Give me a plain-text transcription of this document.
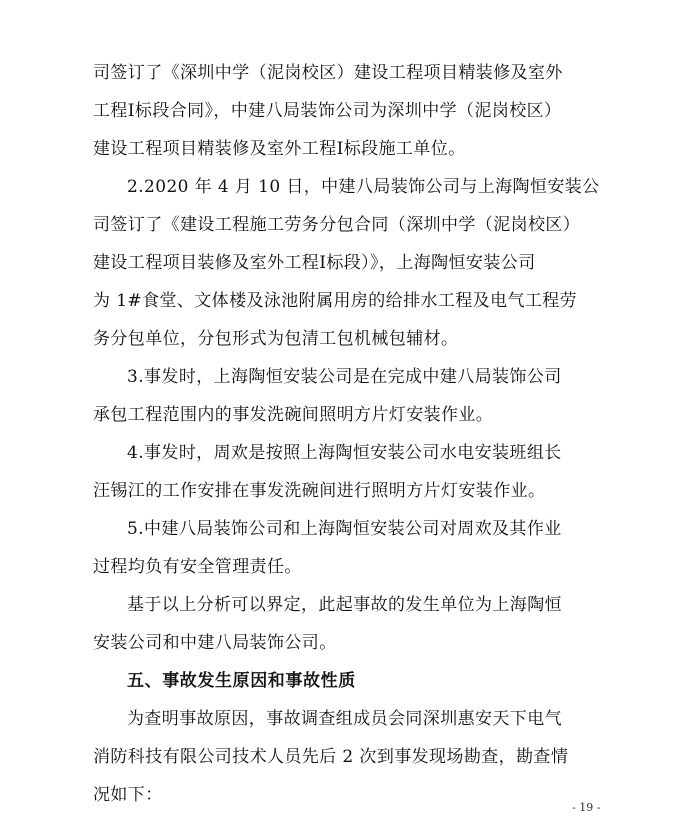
司签订了《深圳中学（泥岗校区）建设工程项目精装修及室外
工程Ⅰ标段合同》，中建八局装饰公司为深圳中学（泥岗校区）
建设工程项目精装修及室外工程Ⅰ标段施工单位。
2.2020 年 4 月 10 日，中建八局装饰公司与上海陶恒安装公
司签订了《建设工程施工劳务分包合同（深圳中学（泥岗校区）
建设工程项目装修及室外工程Ⅰ标段）》，上海陶恒安装公司
为 1#食堂、文体楼及泳池附属用房的给排水工程及电气工程劳
务分包单位，分包形式为包清工包机械包辅材。
3.事发时，上海陶恒安装公司是在完成中建八局装饰公司
承包工程范围内的事发洗碗间照明方片灯安装作业。
4.事发时，周欢是按照上海陶恒安装公司水电安装班组长
汪锡江的工作安排在事发洗碗间进行照明方片灯安装作业。
5.中建八局装饰公司和上海陶恒安装公司对周欢及其作业
过程均负有安全管理责任。
基于以上分析可以界定，此起事故的发生单位为上海陶恒
安装公司和中建八局装饰公司。
五、事故发生原因和事故性质
为查明事故原因，事故调查组成员会同深圳惠安天下电气
消防科技有限公司技术人员先后 2 次到事发现场勘查，勘查情
况如下：
- 19 -
